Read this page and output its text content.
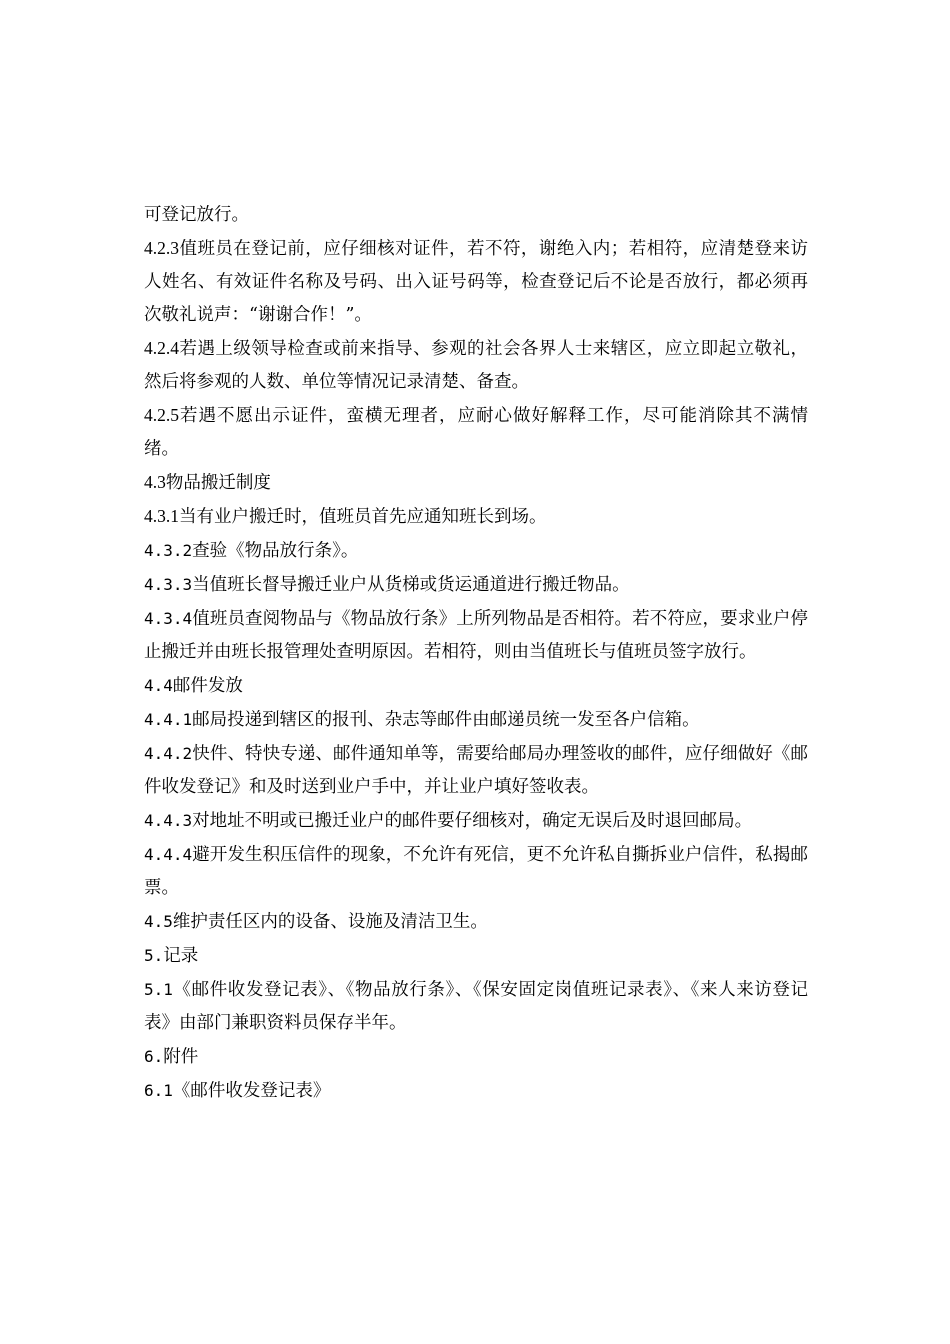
可登记放行。

4.2.3值班员在登记前，应仔细核对证件，若不符，谢绝入内；若相符，应清楚登来访人姓名、有效证件名称及号码、出入证号码等，检查登记后不论是否放行，都必须再次敬礼说声：“谢谢合作！”。

4.2.4若遇上级领导检查或前来指导、参观的社会各界人士来辖区，应立即起立敬礼，然后将参观的人数、单位等情况记录清楚、备查。

4.2.5若遇不愿出示证件，蛮横无理者，应耐心做好解释工作，尽可能消除其不满情绪。

4.3物品搬迁制度

4.3.1当有业户搬迁时，值班员首先应通知班长到场。

4.3.2查验《物品放行条》。

4.3.3当值班长督导搬迁业户从货梯或货运通道进行搬迁物品。

4.3.4值班员查阅物品与《物品放行条》上所列物品是否相符。若不符应，要求业户停止搬迁并由班长报管理处查明原因。若相符，则由当值班长与值班员签字放行。

4.4邮件发放

4.4.1邮局投递到辖区的报刊、杂志等邮件由邮递员统一发至各户信箱。

4.4.2快件、特快专递、邮件通知单等，需要给邮局办理签收的邮件，应仔细做好《邮件收发登记》和及时送到业户手中，并让业户填好签收表。

4.4.3对地址不明或已搬迁业户的邮件要仔细核对，确定无误后及时退回邮局。

4.4.4避开发生积压信件的现象，不允许有死信，更不允许私自撕拆业户信件，私揭邮票。

4.5维护责任区内的设备、设施及清洁卫生。

5.记录

5.1《邮件收发登记表》、《物品放行条》、《保安固定岗值班记录表》、《来人来访登记表》由部门兼职资料员保存半年。

6.附件

6.1《邮件收发登记表》
